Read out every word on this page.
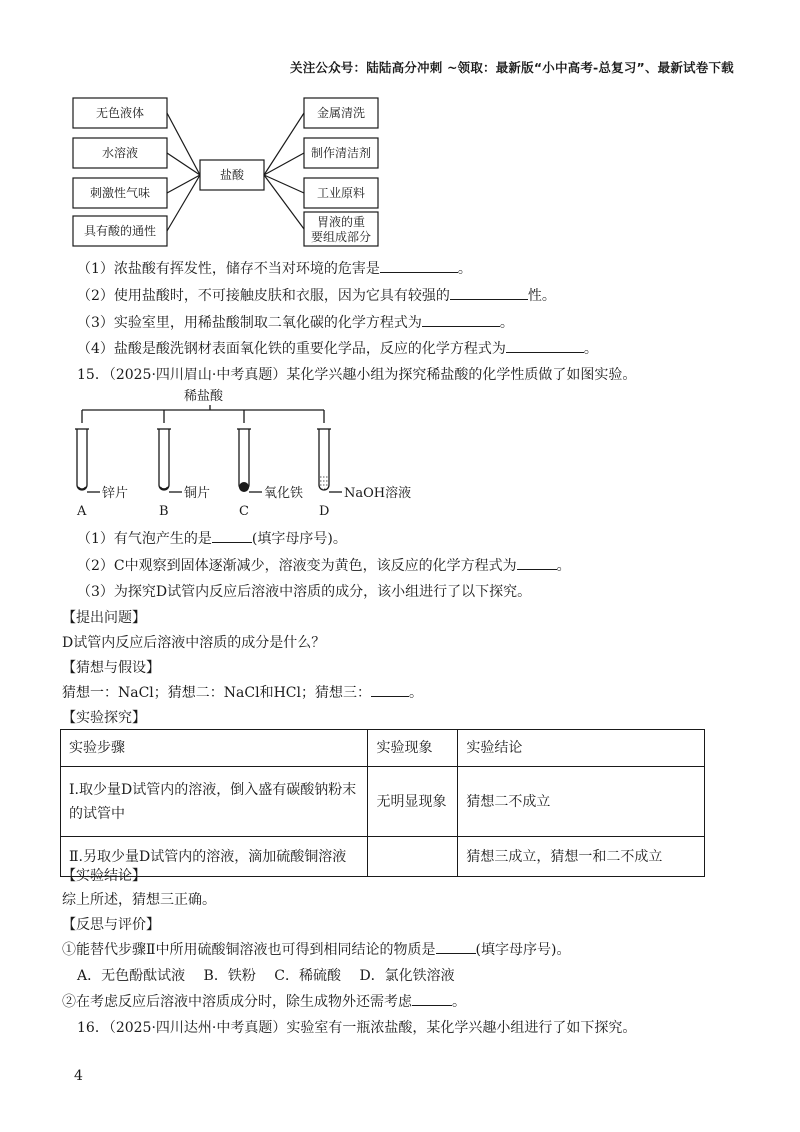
关注公众号：陆陆高分冲刺 ~领取：最新版“小中高考-总复习”、最新试卷下载
无色液体
水溶液
刺激性气味
具有酸的通性
盐酸
金属清洗
制作清洁剂
工业原料
胃液的重
要组成部分
（1）浓盐酸有挥发性，储存不当对环境的危害是	。
（2）使用盐酸时，不可接触皮肤和衣服，因为它具有较强的	性。
（3）实验室里，用稀盐酸制取二氧化碳的化学方程式为	。
（4）盐酸是酸洗钢材表面氧化铁的重要化学品，反应的化学方程式为	。
15．（2025·四川眉山·中考真题）某化学兴趣小组为探究稀盐酸的化学性质做了如图实验。
稀盐酸
锌片	铜片	氧化铁	NaOH溶液
A	B	C	D
（1）有气泡产生的是	(填字母序号)。
（2）C中观察到固体逐渐减少，溶液变为黄色，该反应的化学方程式为	。
（3）为探究D试管内反应后溶液中溶质的成分，该小组进行了以下探究。
【提出问题】
D试管内反应后溶液中溶质的成分是什么？
【猜想与假设】
猜想一：NaCl；猜想二：NaCl和HCl；猜想三：	。
【实验探究】
实验步骤	实验现象	实验结论
Ⅰ.取少量D试管内的溶液，倒入盛有碳酸钠粉末的试管中	无明显现象	猜想二不成立
Ⅱ.另取少量D试管内的溶液，滴加硫酸铜溶液		猜想三成立，猜想一和二不成立
【实验结论】
综上所述，猜想三正确。
【反思与评价】
①能替代步骤Ⅱ中所用硫酸铜溶液也可得到相同结论的物质是	(填字母序号)。
A．无色酚酞试液　 B．铁粉　 C．稀硫酸　 D．氯化铁溶液
②在考虑反应后溶液中溶质成分时，除生成物外还需考虑	。
16．（2025·四川达州·中考真题）实验室有一瓶浓盐酸，某化学兴趣小组进行了如下探究。
4
